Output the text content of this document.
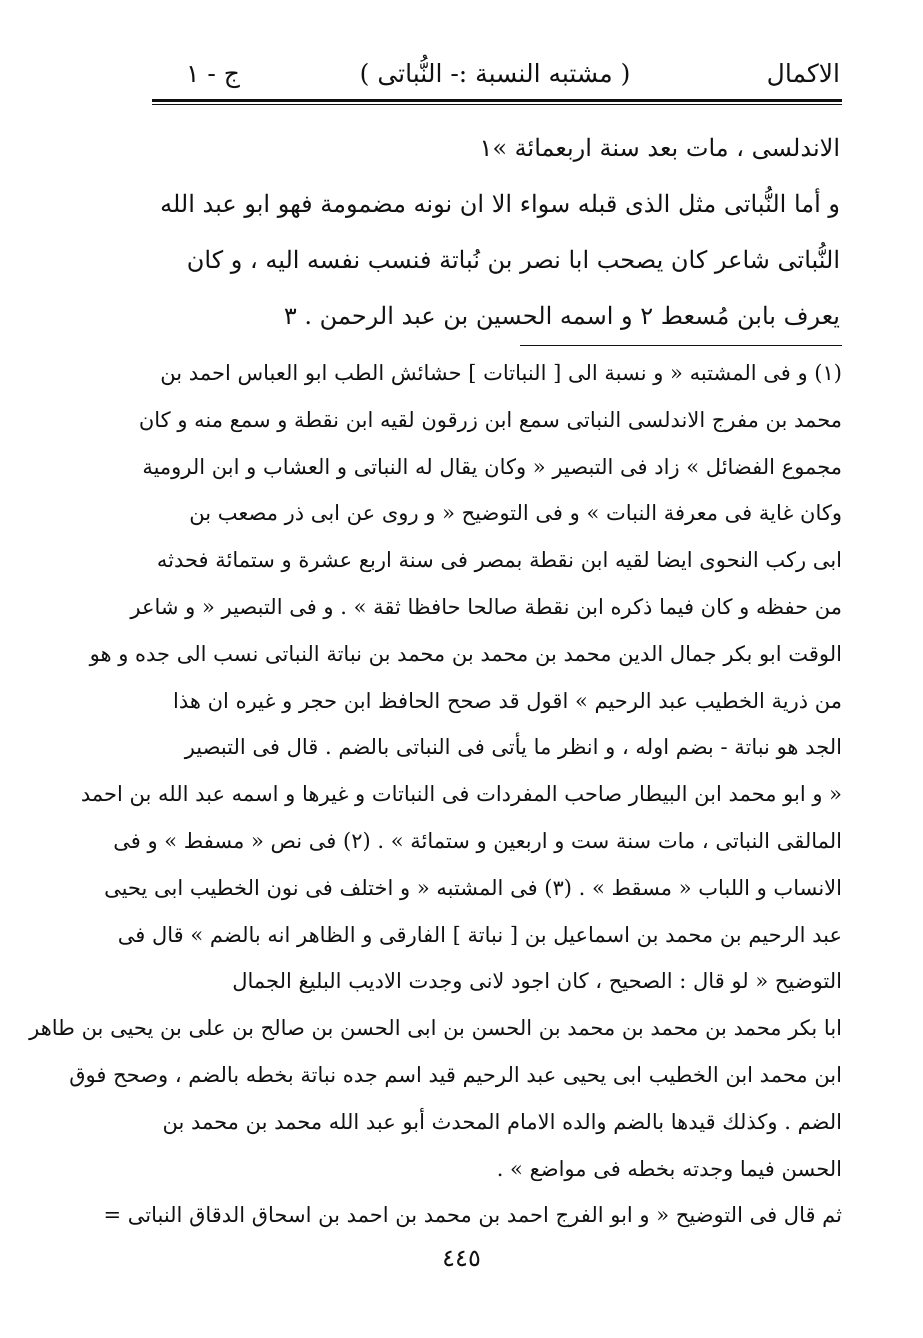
الاكمال
( مشتبه النسبة :- النُّباتى )
ج - ١
الاندلسى ، مات بعد سنة اربعمائة »١
و أما النُّباتى مثل الذى قبله سواء الا ان نونه مضمومة فهو ابو عبد الله
النُّباتى شاعر كان يصحب ابا نصر بن نُباتة فنسب نفسه اليه ، و كان
يعرف بابن مُسعط ٢ و اسمه الحسين بن عبد الرحمن . ٣
(١) و فى المشتبه « و نسبة الى [ النباتات ] حشائش الطب ابو العباس احمد بن
محمد بن مفرج الاندلسى النباتى سمع ابن زرقون لقيه ابن نقطة و سمع منه و كان
مجموع الفضائل » زاد فى التبصير « وكان يقال له النباتى و العشاب و ابن الرومية
وكان غاية فى معرفة النبات » و فى التوضيح « و روى عن ابى ذر مصعب بن
ابى ركب النحوى ايضا لقيه ابن نقطة بمصر فى سنة اربع عشرة و ستمائة فحدثه
من حفظه و كان فيما ذكره ابن نقطة صالحا حافظا ثقة » . و فى التبصير « و شاعر
الوقت ابو بكر جمال الدين محمد بن محمد بن محمد بن نباتة النباتى نسب الى جده و هو
من ذرية الخطيب عبد الرحيم » اقول قد صحح الحافظ ابن حجر و غيره ان هذا
الجد هو نباتة - بضم اوله ، و انظر ما يأتى فى النباتى بالضم . قال فى التبصير
« و ابو محمد ابن البيطار صاحب المفردات فى النباتات و غيرها و اسمه عبد الله بن احمد
المالقى النباتى ، مات سنة ست و اربعين و ستمائة » . (٢) فى نص « مسفط » و فى
الانساب و اللباب « مسقط » . (٣) فى المشتبه « و اختلف فى نون الخطيب ابى يحيى
عبد الرحيم بن محمد بن اسماعيل بن [ نباتة ] الفارقى و الظاهر انه بالضم » قال فى
التوضيح « لو قال : الصحيح ، كان اجود لانى وجدت الاديب البليغ الجمال
ابا بكر محمد بن محمد بن محمد بن الحسن بن ابى الحسن بن صالح بن على بن يحيى بن طاهر
ابن محمد ابن الخطيب ابى يحيى عبد الرحيم قيد اسم جده نباتة بخطه بالضم ، وصحح فوق
الضم . وكذلك قيدها بالضم والده الامام المحدث أبو عبد الله محمد بن محمد بن
الحسن فيما وجدته بخطه فى مواضع » .
ثم قال فى التوضيح « و ابو الفرج احمد بن محمد بن احمد بن اسحاق الدقاق النباتى =
٤٤٥
